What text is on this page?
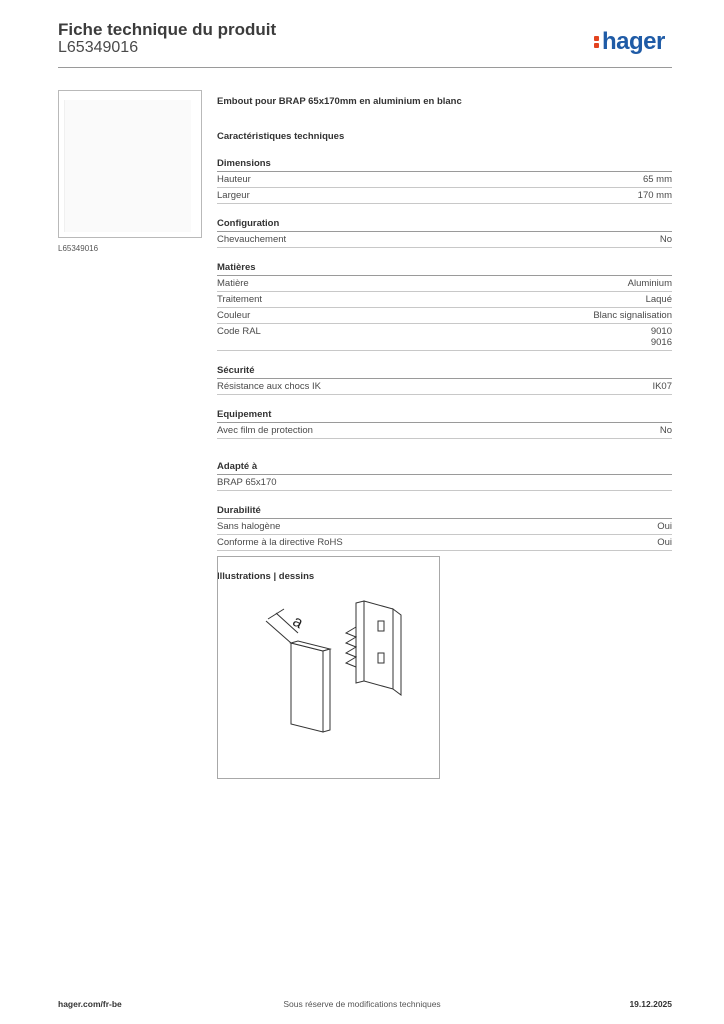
Fiche technique du produit
L65349016	hager
L65349016
Embout pour BRAP 65x170mm en aluminium en blanc
Caractéristiques techniques
Dimensions
Hauteur	65 mm
Largeur	170 mm
Configuration
Chevauchement	No
Matières
Matière	Aluminium
Traitement	Laqué
Couleur	Blanc signalisation
Code RAL	9010
9016
Sécurité
Résistance aux chocs IK	IK07
Equipement
Avec film de protection	No
Adapté à
BRAP 65x170
Durabilité
Sans halogène	Oui
Conforme à la directive RoHS	Oui
Illustrations | dessins
a
hager.com/fr-be	Sous réserve de modifications techniques	19.12.2025
